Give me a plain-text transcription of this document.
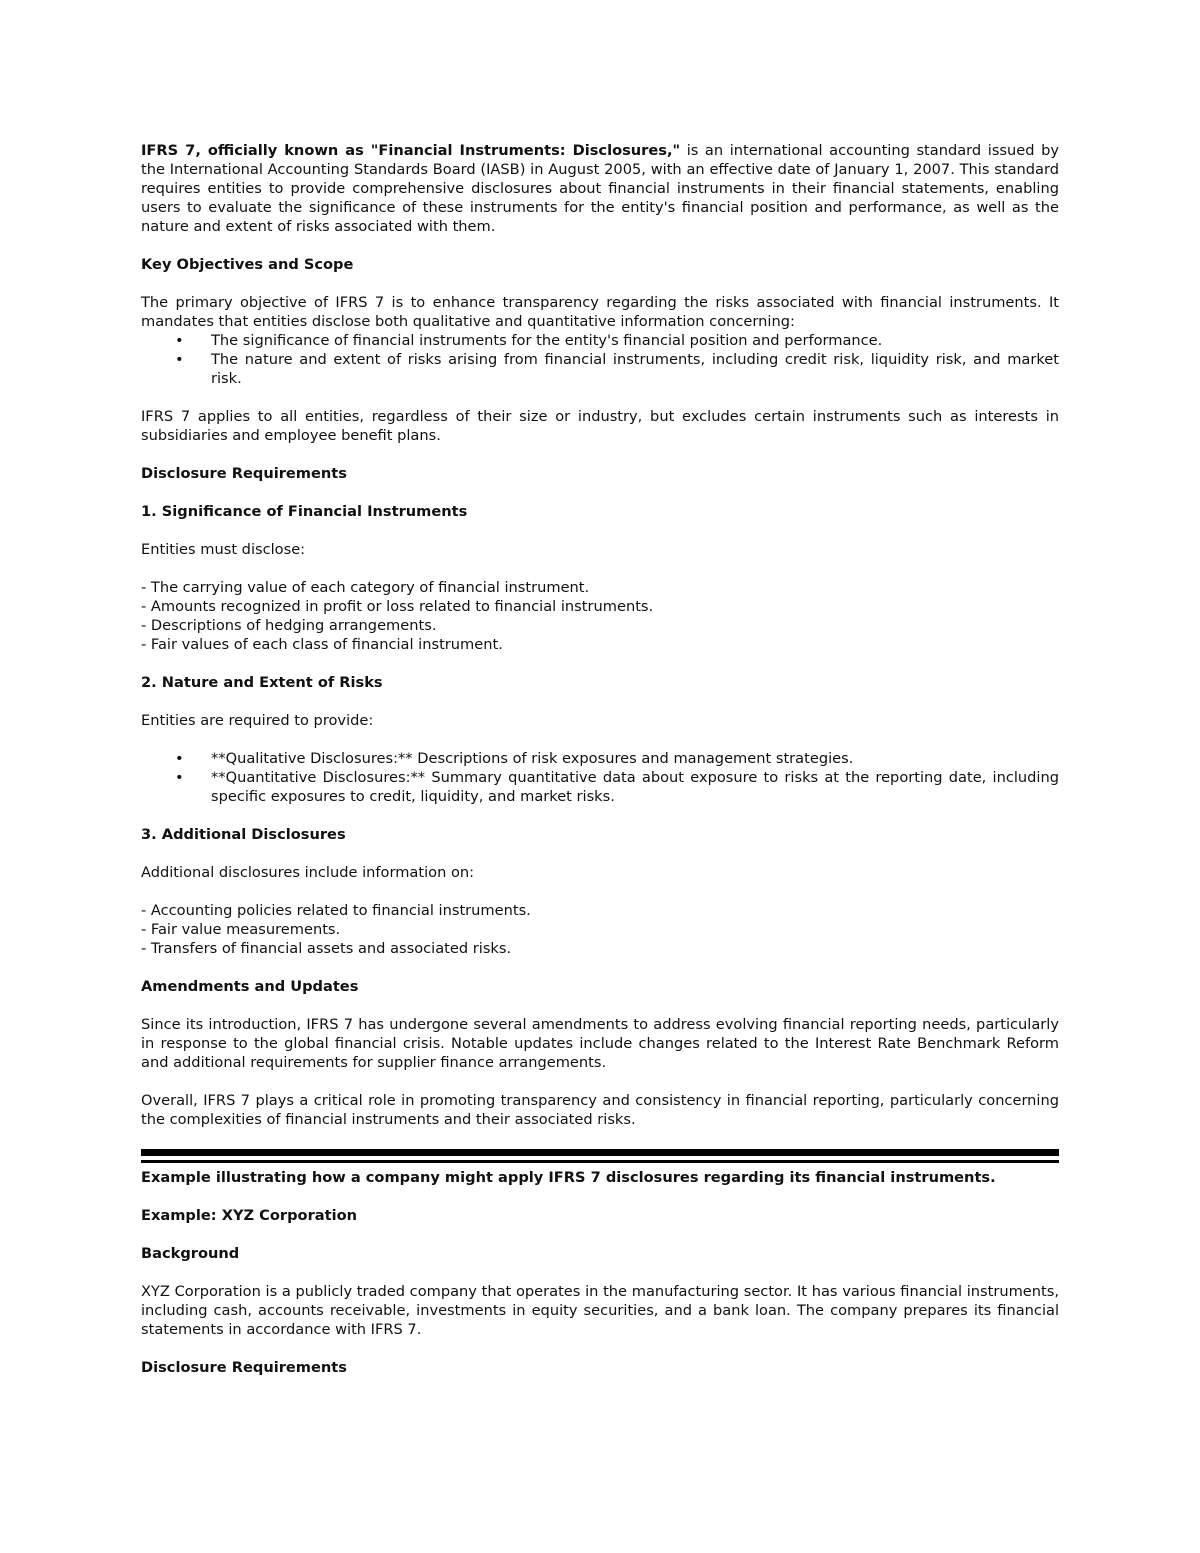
IFRS 7, officially known as "Financial Instruments: Disclosures," is an international accounting standard issued by the International Accounting Standards Board (IASB) in August 2005, with an effective date of January 1, 2007. This standard requires entities to provide comprehensive disclosures about financial instruments in their financial statements, enabling users to evaluate the significance of these instruments for the entity's financial position and performance, as well as the nature and extent of risks associated with them.

Key Objectives and Scope

The primary objective of IFRS 7 is to enhance transparency regarding the risks associated with financial instruments. It mandates that entities disclose both qualitative and quantitative information concerning:

• The significance of financial instruments for the entity's financial position and performance.
• The nature and extent of risks arising from financial instruments, including credit risk, liquidity risk, and market risk.

IFRS 7 applies to all entities, regardless of their size or industry, but excludes certain instruments such as interests in subsidiaries and employee benefit plans.

Disclosure Requirements
1. Significance of Financial Instruments

Entities must disclose:

- The carrying value of each category of financial instrument.
- Amounts recognized in profit or loss related to financial instruments.
- Descriptions of hedging arrangements.
- Fair values of each class of financial instrument.
2. Nature and Extent of Risks

Entities are required to provide:

• **Qualitative Disclosures:** Descriptions of risk exposures and management strategies.
• **Quantitative Disclosures:** Summary quantitative data about exposure to risks at the reporting date, including specific exposures to credit, liquidity, and market risks.
3. Additional Disclosures

Additional disclosures include information on:

- Accounting policies related to financial instruments.
- Fair value measurements.
- Transfers of financial assets and associated risks.
Amendments and Updates

Since its introduction, IFRS 7 has undergone several amendments to address evolving financial reporting needs, particularly in response to the global financial crisis. Notable updates include changes related to the Interest Rate Benchmark Reform and additional requirements for supplier finance arrangements.

Overall, IFRS 7 plays a critical role in promoting transparency and consistency in financial reporting, particularly concerning the complexities of financial instruments and their associated risks.

Example illustrating how a company might apply IFRS 7 disclosures regarding its financial instruments.
Example: XYZ Corporation
Background

XYZ Corporation is a publicly traded company that operates in the manufacturing sector. It has various financial instruments, including cash, accounts receivable, investments in equity securities, and a bank loan. The company prepares its financial statements in accordance with IFRS 7.

Disclosure Requirements
